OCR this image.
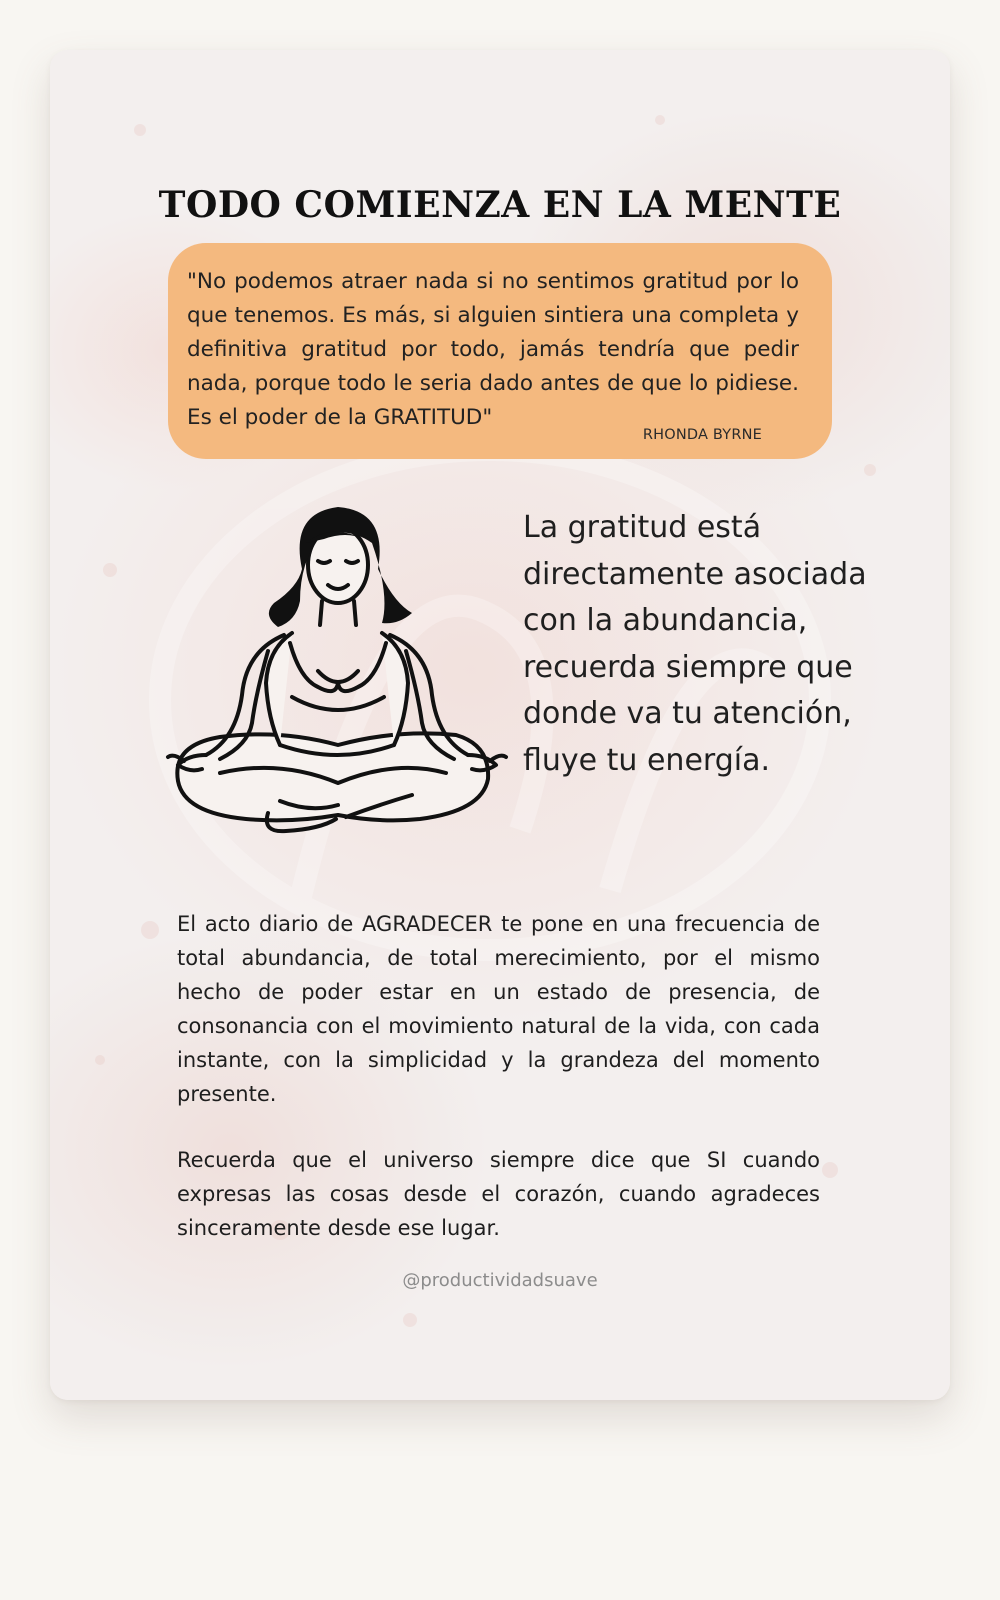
TODO COMIENZA EN LA MENTE

"No podemos atraer nada si no sentimos gratitud por lo que tenemos. Es más, si alguien sintiera una completa y definitiva gratitud por todo, jamás tendría que pedir nada, porque todo le seria dado antes de que lo pidiese. Es el poder de la GRATITUD"

RHONDA BYRNE

La gratitud está directamente asociada con la abundancia, recuerda siempre que donde va tu atención, fluye tu energía.

El acto diario de AGRADECER te pone en una frecuencia de total abundancia, de total merecimiento, por el mismo hecho de poder estar en un estado de presencia, de consonancia con el movimiento natural de la vida, con cada instante, con la simplicidad y la grandeza del momento presente.

Recuerda que el universo siempre dice que SI cuando expresas las cosas desde el corazón, cuando agradeces sinceramente desde ese lugar.

@productividadsuave
